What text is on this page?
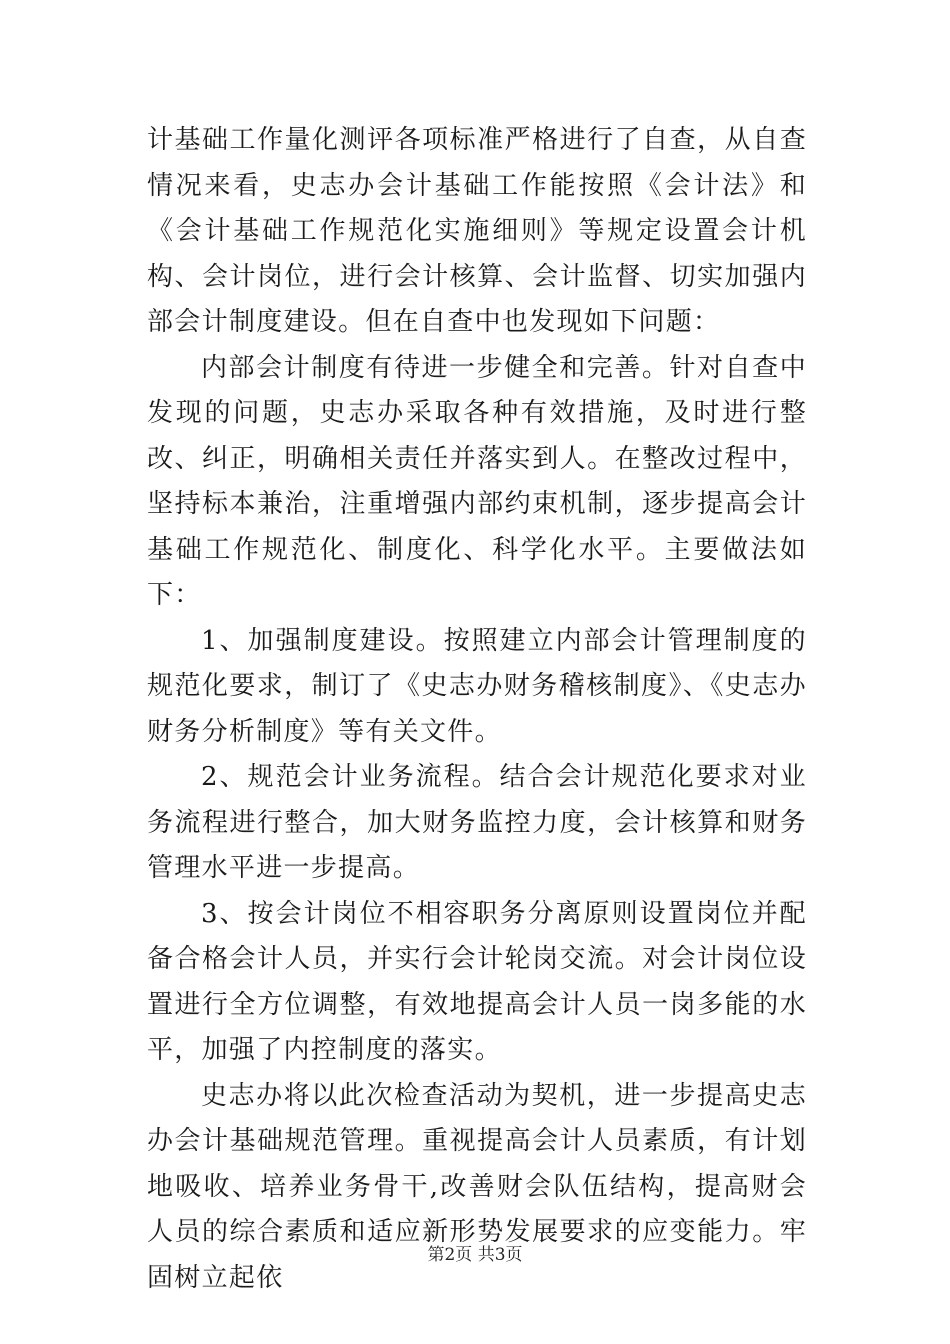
计基础工作量化测评各项标准严格进行了自查，从自查情况来看，史志办会计基础工作能按照《会计法》和《会计基础工作规范化实施细则》等规定设置会计机构、会计岗位，进行会计核算、会计监督、切实加强内部会计制度建设。但在自查中也发现如下问题：

内部会计制度有待进一步健全和完善。针对自查中发现的问题，史志办采取各种有效措施，及时进行整改、纠正，明确相关责任并落实到人。在整改过程中，坚持标本兼治，注重增强内部约束机制，逐步提高会计基础工作规范化、制度化、科学化水平。主要做法如下：

1、加强制度建设。按照建立内部会计管理制度的规范化要求，制订了《史志办财务稽核制度》、《史志办财务分析制度》等有关文件。

2、规范会计业务流程。结合会计规范化要求对业务流程进行整合，加大财务监控力度，会计核算和财务管理水平进一步提高。

3、按会计岗位不相容职务分离原则设置岗位并配备合格会计人员，并实行会计轮岗交流。对会计岗位设置进行全方位调整，有效地提高会计人员一岗多能的水平，加强了内控制度的落实。

史志办将以此次检查活动为契机，进一步提高史志办会计基础规范管理。重视提高会计人员素质，有计划地吸收、培养业务骨干,改善财会队伍结构，提高财会人员的综合素质和适应新形势发展要求的应变能力。牢固树立起依

第2页 共3页
